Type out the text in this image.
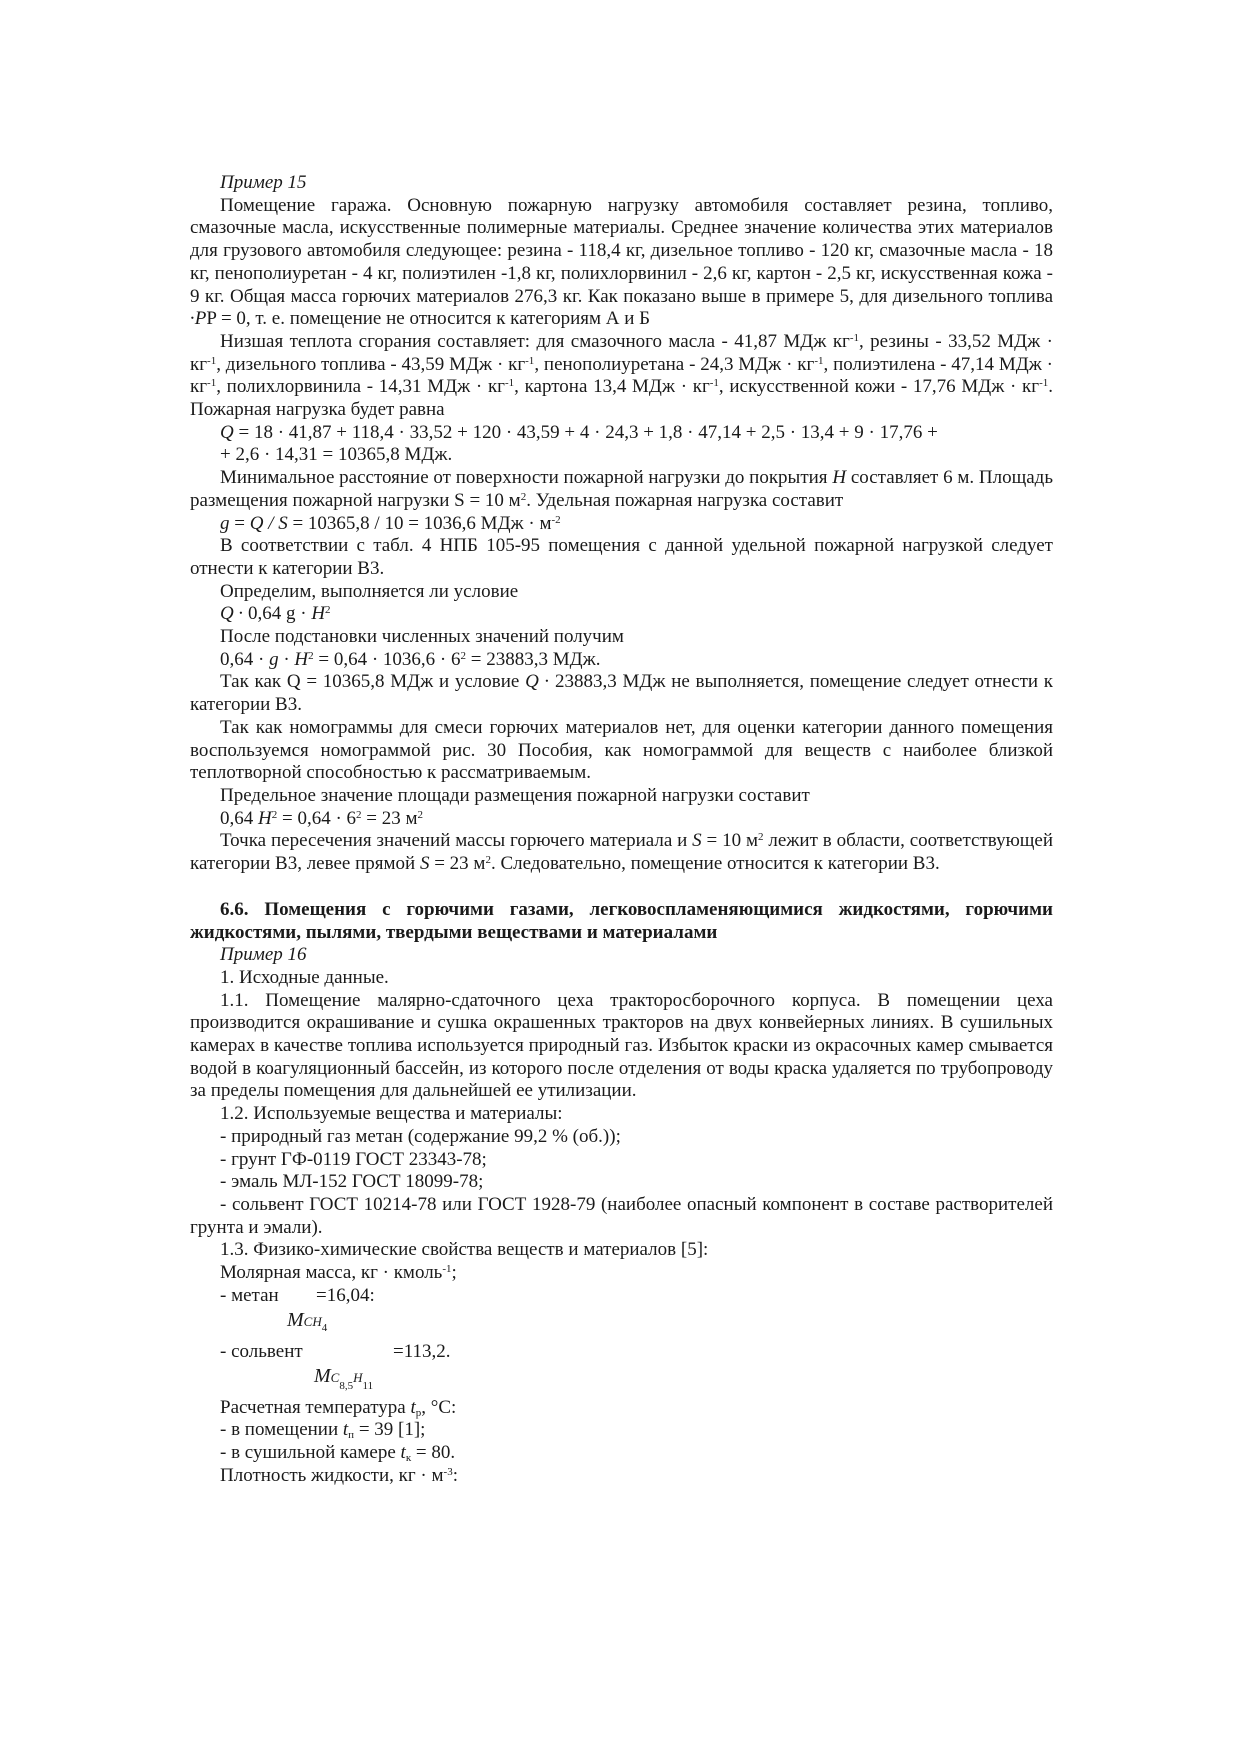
Пример 15

Помещение гаража. Основную пожарную нагрузку автомобиля составляет резина, топливо, смазочные масла, искусственные полимерные материалы. Среднее значение количества этих материалов для грузового автомобиля следующее: резина - 118,4 кг, дизельное топливо - 120 кг, смазочные масла - 18 кг, пенополиуретан - 4 кг, полиэтилен -1,8 кг, полихлорвинил - 2,6 кг, картон - 2,5 кг, искусственная кожа - 9 кг. Общая масса горючих материалов 276,3 кг. Как показано выше в примере 5, для дизельного топлива ∙PP = 0, т. е. помещение не относится к категориям А и Б

Низшая теплота сгорания составляет: для смазочного масла - 41,87 МДж $кг^{-1}$, резины - 33,52 МДж · $кг^{-1}$, дизельного топлива - 43,59 МДж · $кг^{-1}$, пенополиуретана - 24,3 МДж · $кг^{-1}$, полиэтилена - 47,14 МДж · $кг^{-1}$, полихлорвинила - 14,31 МДж · $кг^{-1}$, картона 13,4 МДж · $кг^{-1}$, искусственной кожи - 17,76 МДж · $кг^{-1}$. Пожарная нагрузка будет равна

Q = 18 · 41,87 + 118,4 · 33,52 + 120 · 43,59 + 4 · 24,3 + 1,8 · 47,14 + 2,5 · 13,4 + 9 · 17,76 +

+ 2,6 · 14,31 = 10365,8 МДж.

Минимальное расстояние от поверхности пожарной нагрузки до покрытия H составляет 6 м. Площадь размещения пожарной нагрузки S = 10 $м^2$. Удельная пожарная нагрузка составит

g = Q / S = 10365,8 / 10 = 1036,6 МДж · $м^{-2}$

В соответствии с табл. 4 НПБ 105-95 помещения с данной удельной пожарной нагрузкой следует отнести к категории В3.

Определим, выполняется ли условие

Q ∙ 0,64 $g \cdot H^2$

После подстановки численных значений получим

$0,64 \cdot g \cdot H^2 = 0,64 \cdot 1036,6 \cdot 6^2 = 23883,3$ МДж.

Так как Q = 10365,8 МДж и условие Q ∙ 23883,3 МДж не выполняется, помещение следует отнести к категории В3.

Так как номограммы для смеси горючих материалов нет, для оценки категории данного помещения воспользуемся номограммой рис. 30 Пособия, как номограммой для веществ с наиболее близкой теплотворной способностью к рассматриваемым.

Предельное значение площади размещения пожарной нагрузки составит

0,64 $H^2 = 0,64 \cdot 6^2 = 23$ $м^2$

Точка пересечения значений массы горючего материала и S = 10 $м^2$ лежит в области, соответствующей категории В3, левее прямой S = 23 $м^2$. Следовательно, помещение относится к категории В3.

6.6. Помещения с горючими газами, легковоспламеняющимися жидкостями, горючими жидкостями, пылями, твердыми веществами и материалами

Пример 16

1. Исходные данные.

1.1. Помещение малярно-сдаточного цеха тракторосборочного корпуса. В помещении цеха производится окрашивание и сушка окрашенных тракторов на двух конвейерных линиях. В сушильных камерах в качестве топлива используется природный газ. Избыток краски из окрасочных камер смывается водой в коагуляционный бассейн, из которого после отделения от воды краска удаляется по трубопроводу за пределы помещения для дальнейшей ее утилизации.

1.2. Используемые вещества и материалы:

- природный газ метан (содержание 99,2 % (об.));

- грунт ГФ-0119 ГОСТ 23343-78;

- эмаль МЛ-152 ГОСТ 18099-78;

- сольвент ГОСТ 10214-78 или ГОСТ 1928-79 (наиболее опасный компонент в составе растворителей грунта и эмали).

1.3. Физико-химические свойства веществ и материалов [5]:

Молярная масса, кг · кмоль$^{-1}$;

- метан =16,04:
$MCH_4$
- сольвент	=113,2.
$MC_{8,5}H_{11}$

Расчетная температура $t_р$, °С:

- в помещении $t_п = 39$ [1];

- в сушильной камере $t_к = 80$.

Плотность жидкости, кг · $м^{-3}$:
